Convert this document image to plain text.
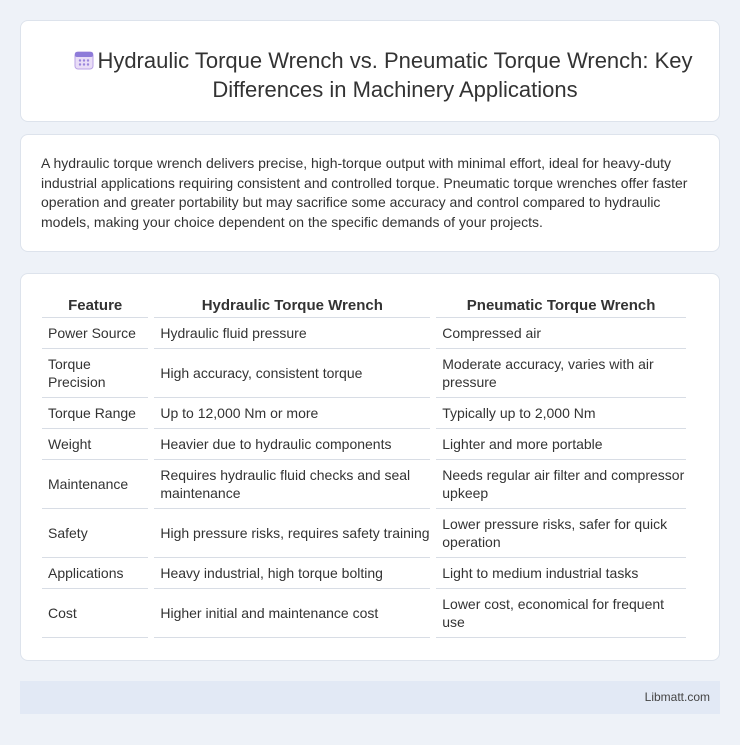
Hydraulic Torque Wrench vs. Pneumatic Torque Wrench: Key Differences in Machinery Applications

A hydraulic torque wrench delivers precise, high-torque output with minimal effort, ideal for heavy-duty industrial applications requiring consistent and controlled torque. Pneumatic torque wrenches offer faster operation and greater portability but may sacrifice some accuracy and control compared to hydraulic models, making your choice dependent on the specific demands of your projects.

Feature	Hydraulic Torque Wrench	Pneumatic Torque Wrench
Power Source	Hydraulic fluid pressure	Compressed air
Torque Precision	High accuracy, consistent torque	Moderate accuracy, varies with air pressure
Torque Range	Up to 12,000 Nm or more	Typically up to 2,000 Nm
Weight	Heavier due to hydraulic components	Lighter and more portable
Maintenance	Requires hydraulic fluid checks and seal maintenance	Needs regular air filter and compressor upkeep
Safety	High pressure risks, requires safety training	Lower pressure risks, safer for quick operation
Applications	Heavy industrial, high torque bolting	Light to medium industrial tasks
Cost	Higher initial and maintenance cost	Lower cost, economical for frequent use
Libmatt.com
